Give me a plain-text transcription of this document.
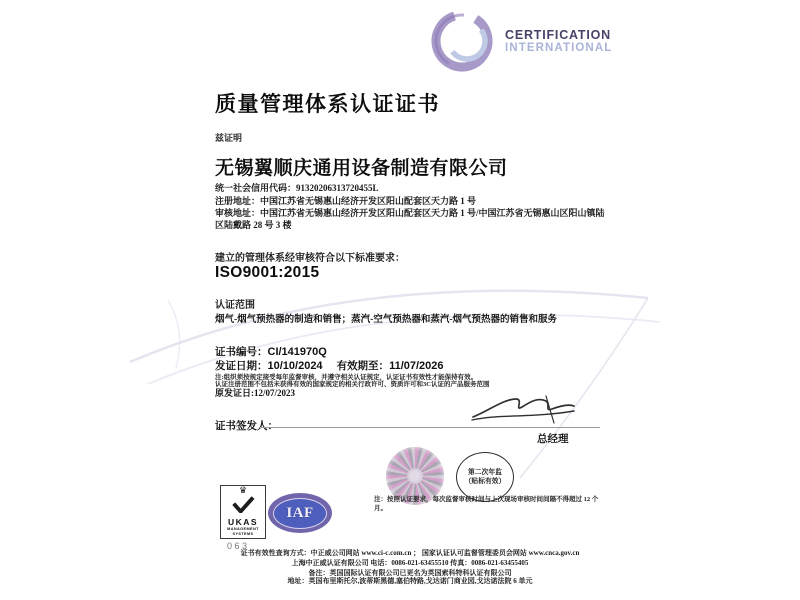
CERTIFICATION
INTERNATIONAL
质量管理体系认证证书
兹证明
无锡翼顺庆通用设备制造有限公司
统一社会信用代码：91320206313720455L
注册地址：中国江苏省无锡惠山经济开发区阳山配套区天力路 1 号
审核地址：中国江苏省无锡惠山经济开发区阳山配套区天力路 1 号/中国江苏省无锡惠山区阳山镇陆区陆戴路 28 号 3 楼
建立的管理体系经审核符合以下标准要求：
ISO9001:2015
认证范围
烟气-烟气预热器的制造和销售；蒸汽-空气预热器和蒸汽-烟气预热器的销售和服务
证书编号：CI/141970Q
发证日期：10/10/2024 有效期至：11/07/2026
注:组织须按规定接受每年监督审核，并遵守相关认证规定，认证证书有效性才能保持有效。
认证注册范围不包括未获得有效的国家规定的相关行政许可、资质许可和3C认证的产品服务范围
原发证日:12/07/2023
证书签发人：
总经理
第二次年监
（贴标有效）
注：按照认证要求，每次监督审核时间与上次现场审核时间间隔不得超过 12 个月。
♛
UKAS
MANAGEMENT
SYSTEMS
063
IAF
证书有效性查询方式：中正威公司网站 www.ci-c.com.cn ； 国家认证认可监督管理委员会网站 www.cnca.gov.cn
上海中正威认证有限公司 电话：0086-021-63455510 传真：0086-021-63455405
备注：英国国际认证有限公司已更名为英国索科特科认证有限公司
地址：英国布里斯托尔,波蒂斯黑德,塞伯特路,戈达诺门商业园,戈达诺法院 6 单元
